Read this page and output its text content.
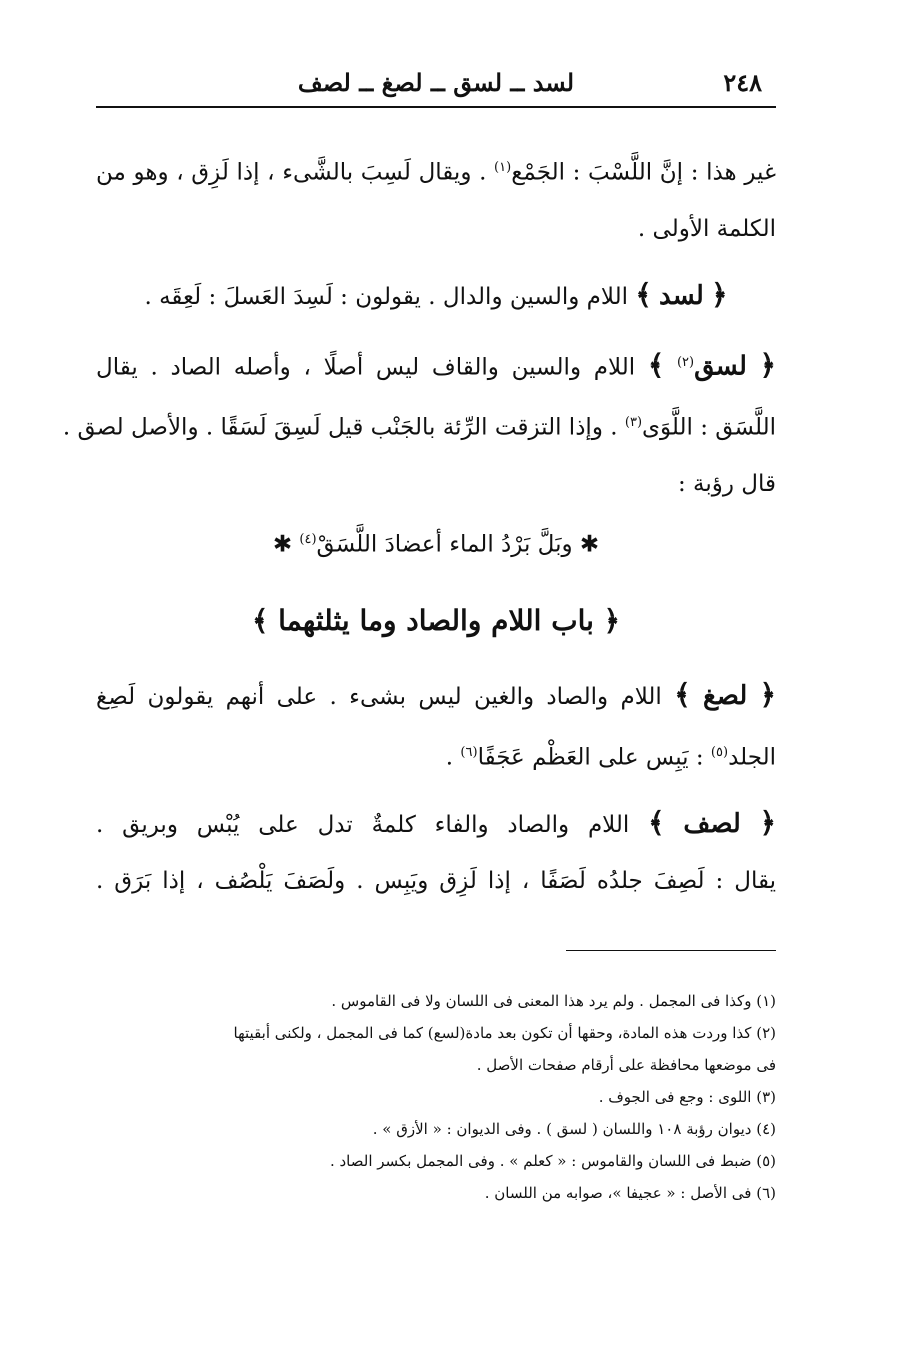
٢٤٨
لسد ــ لسق ــ لصغ ــ لصف
غير هذا : إنَّ اللَّسْبَ : الجَمْع$^{(١)}$ . ويقال لَسِبَ بالشَّىء ، إذا لَزِق ، وهو من
الكلمة الأولى .
﴿ لسد ﴾ اللام والسين والدال . يقولون : لَسِدَ العَسلَ : لَعِقَه .
﴿ لسق$^{(٢)}$ ﴾ اللام والسين والقاف ليس أصلًا ، وأصله الصاد . يقال
اللَّسَق : اللَّوَى$^{(٣)}$ . وإذا التزقت الرِّئة بالجَنْب قيل لَسِقَ لَسَقًا . والأصل لصق .
قال رؤبة :
✱ وبَلَّ بَرْدُ الماء أعضادَ اللَّسَقْ$^{(٤)}$ ✱
﴿ باب اللام والصاد وما يثلثهما ﴾
﴿ لصغ ﴾ اللام والصاد والغين ليس بشىء . على أنهم يقولون لَصِغ
الجلد$^{(٥)}$ : يَبِس على العَظْم عَجَفًا$^{(٦)}$ .
﴿ لصف ﴾ اللام والصاد والفاء كلمةٌ تدل على يُبْس وبريق .
يقال : لَصِفَ جلدُه لَصَفًا ، إذا لَزِق ويَبِس . ولَصَفَ يَلْصُف ، إذا بَرَق .
(١) وكذا فى المجمل . ولم يرد هذا المعنى فى اللسان ولا فى القاموس .
(٢) كذا وردت هذه المادة، وحقها أن تكون بعد مادة(لسع) كما فى المجمل ، ولكنى أبقيتها
فى موضعها محافظة على أرقام صفحات الأصل .
(٣) اللوى : وجع فى الجوف .
(٤) ديوان رؤبة ١٠٨ واللسان ( لسق ) . وفى الديوان : « الأزق » .
(٥) ضبط فى اللسان والقاموس : « كعلم » . وفى المجمل بكسر الصاد .
(٦) فى الأصل : « عجيفا »، صوابه من اللسان .
